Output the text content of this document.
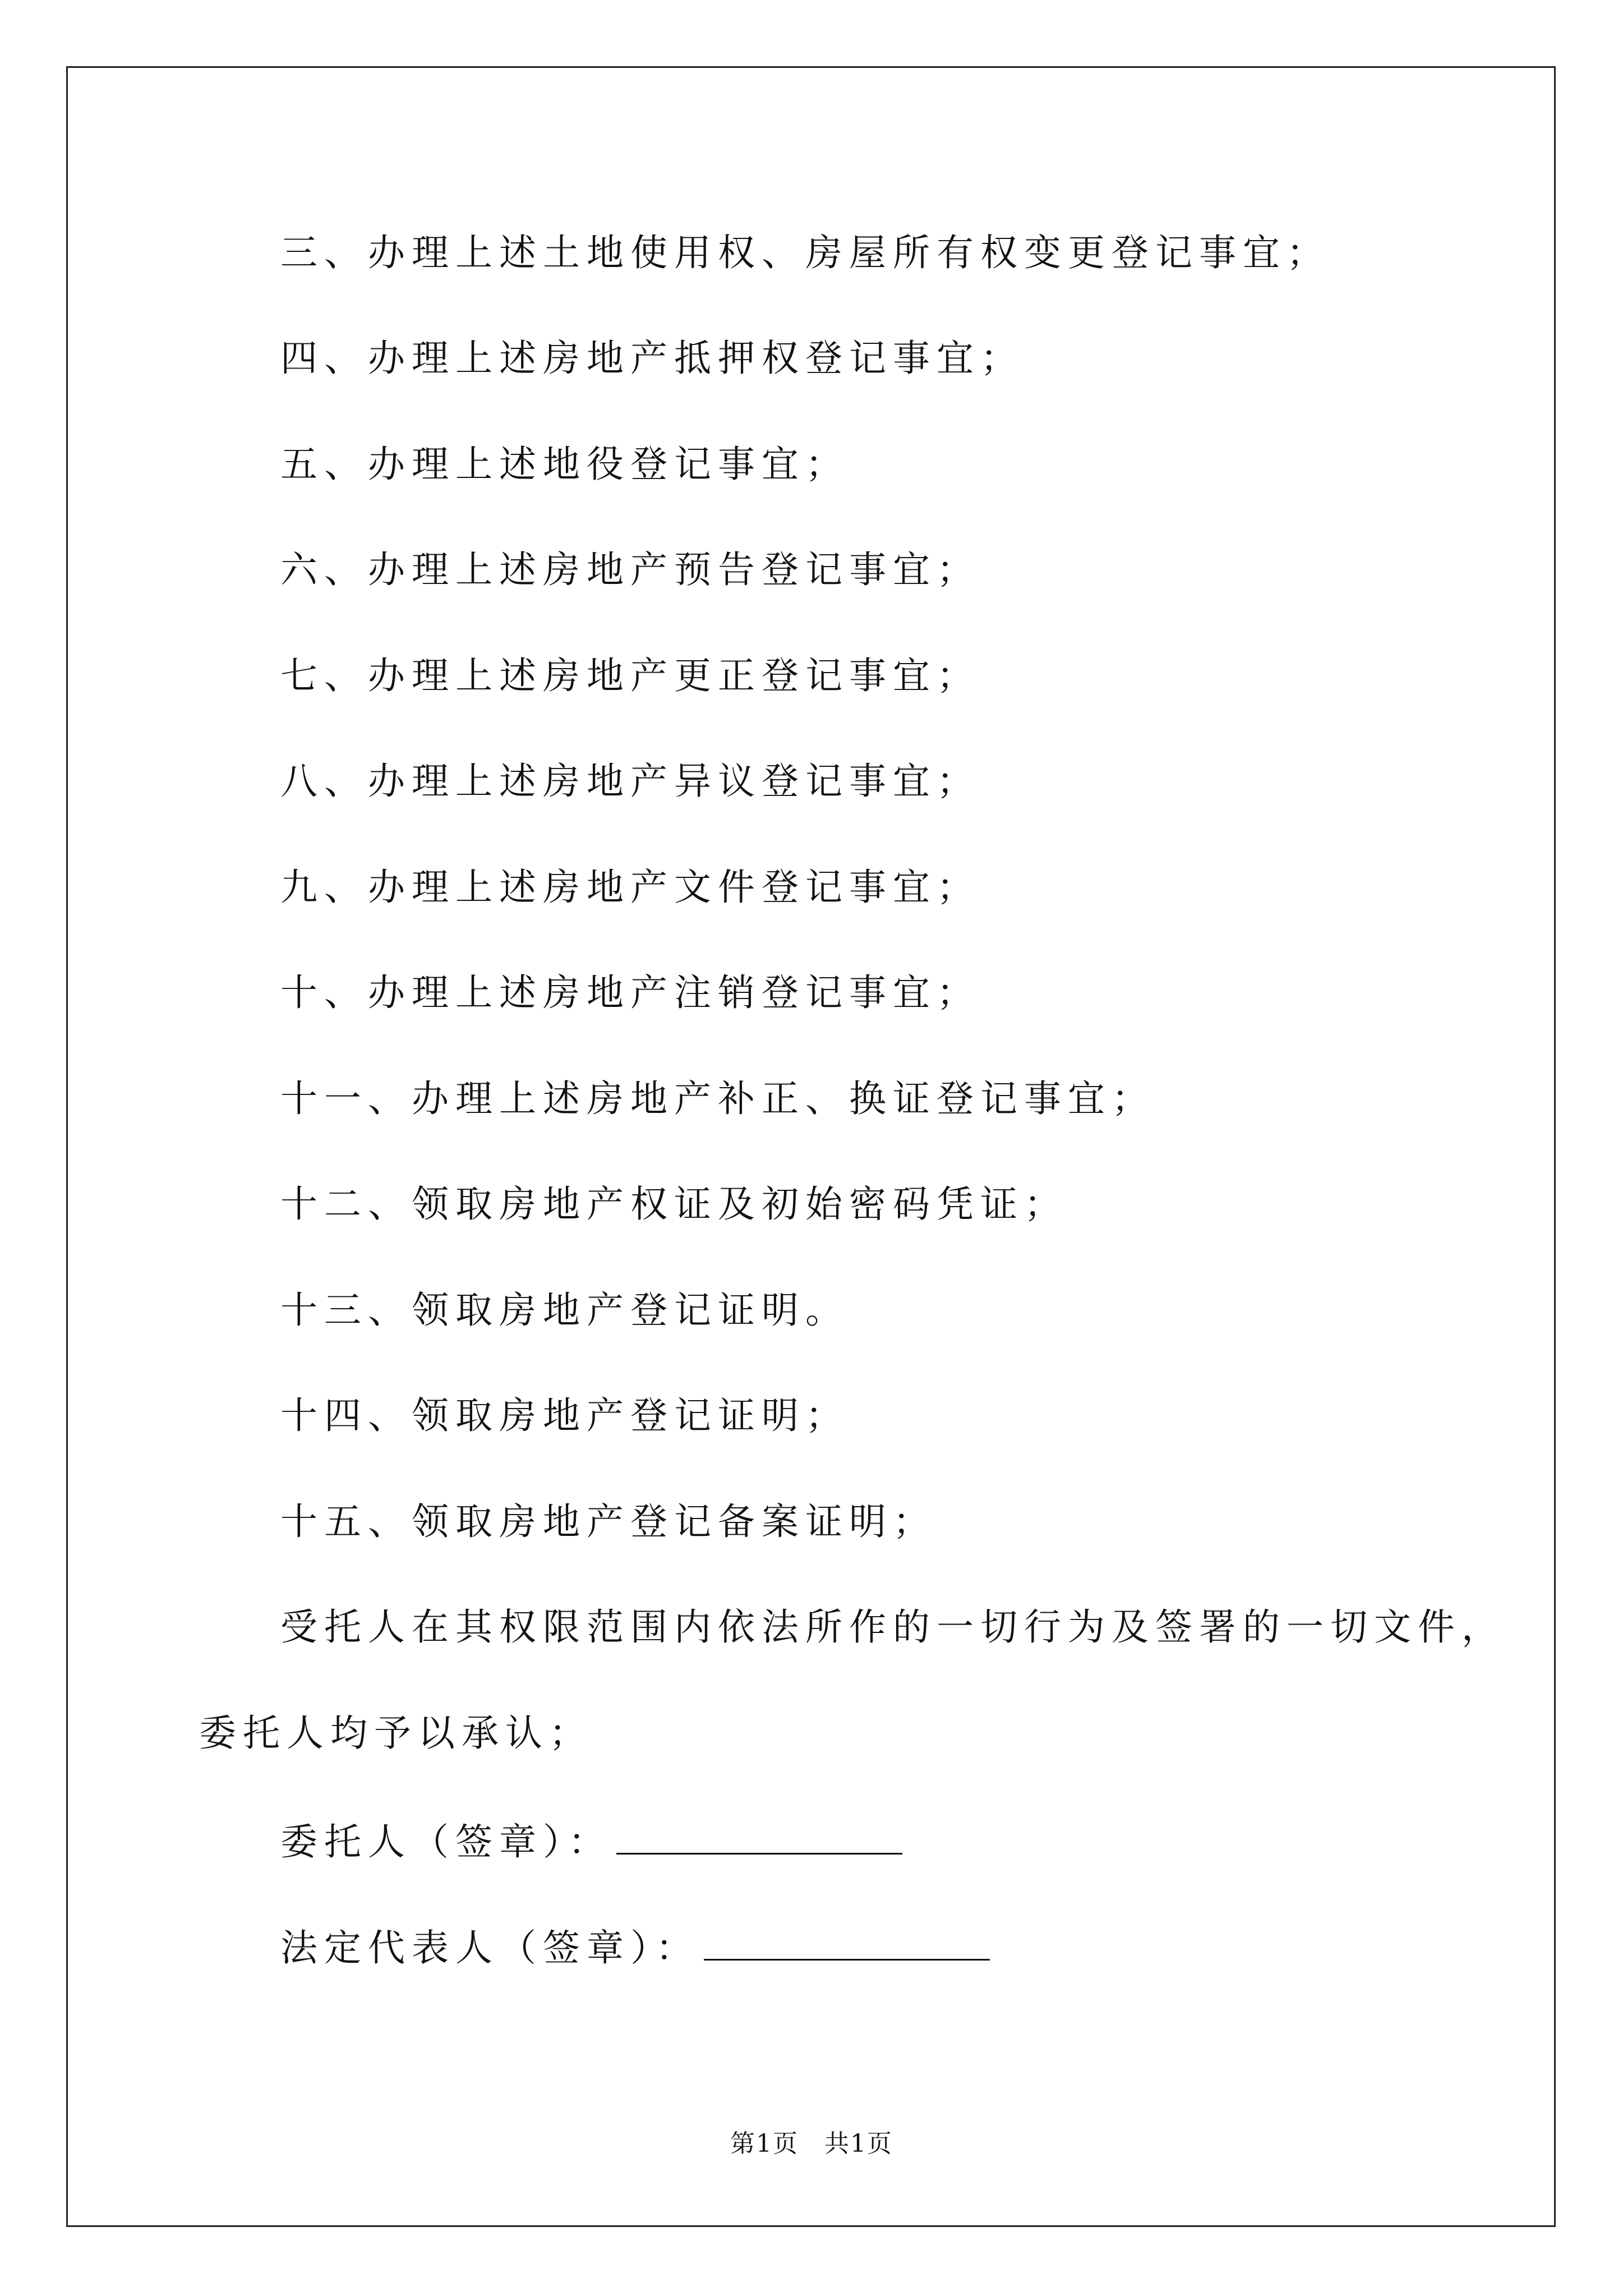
三、办理上述土地使用权、房屋所有权变更登记事宜；
四、办理上述房地产抵押权登记事宜；
五、办理上述地役登记事宜；
六、办理上述房地产预告登记事宜；
七、办理上述房地产更正登记事宜；
八、办理上述房地产异议登记事宜；
九、办理上述房地产文件登记事宜；
十、办理上述房地产注销登记事宜；
十一、办理上述房地产补正、换证登记事宜；
十二、领取房地产权证及初始密码凭证；
十三、领取房地产登记证明。
十四、领取房地产登记证明；
十五、领取房地产登记备案证明；
受托人在其权限范围内依法所作的一切行为及签署的一切文件，
委托人均予以承认；
委托人（签章）：
法定代表人（签章）：
第1页　共1页
